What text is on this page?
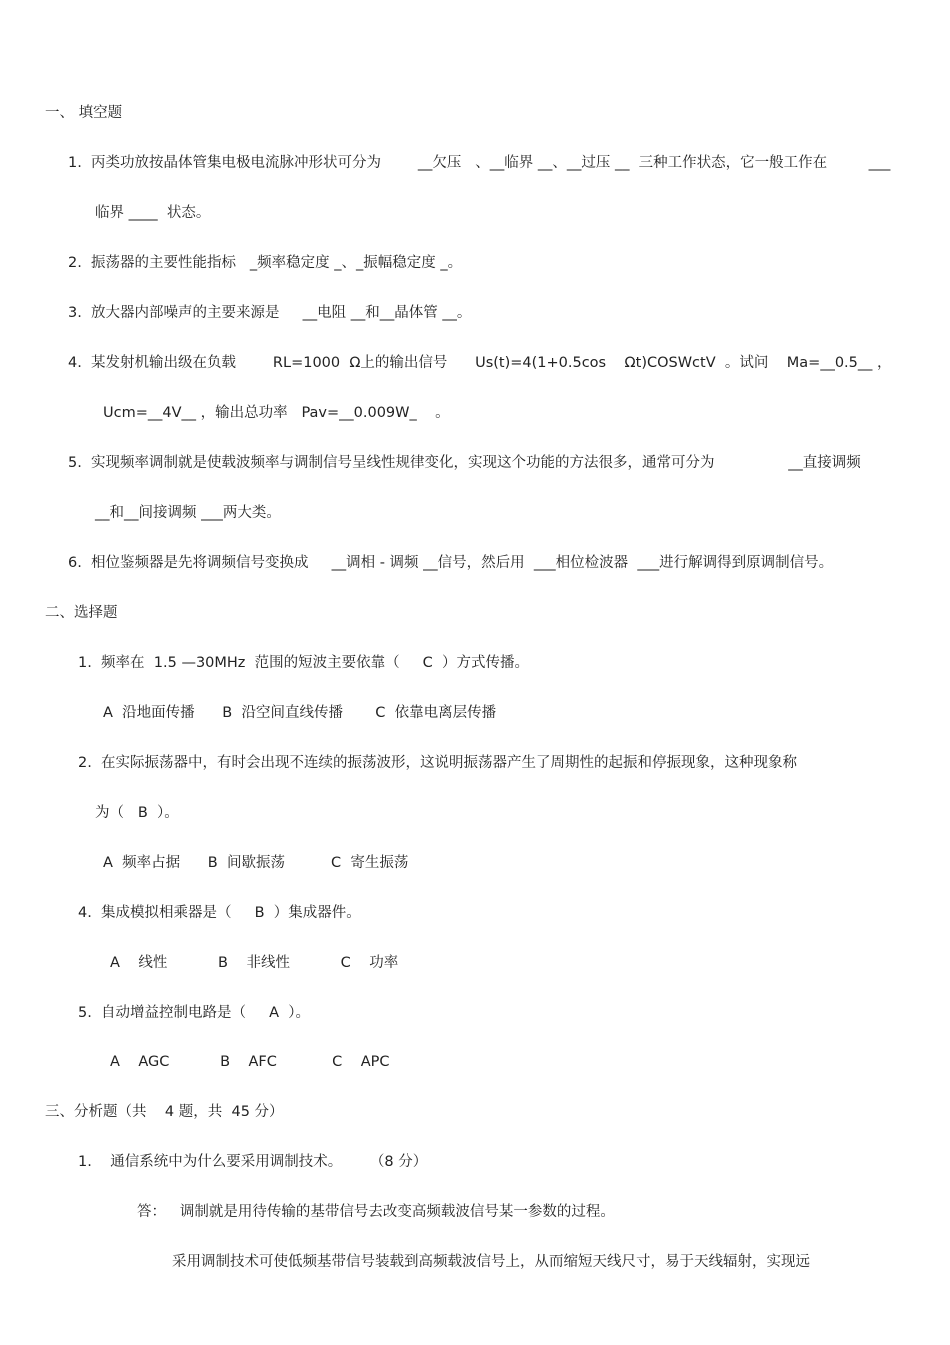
一、 填空题
1.  丙类功放按晶体管集电极电流脉冲形状可分为        __欠压   、__临界 __、__过压 __  三种工作状态，它一般工作在         ___
临界 ____  状态。
2.  振荡器的主要性能指标   _频率稳定度 _、_振幅稳定度 _。
3.  放大器内部噪声的主要来源是     __电阻 __和__晶体管 __。
4.  某发射机输出级在负载        RL=1000  Ω上的输出信号      Us(t)=4(1+0.5cos    Ωt)COSWctV  。试问    Ma=__0.5__ ，
Ucm=__4V__ ，输出总功率   Pav=__0.009W_    。
5.  实现频率调制就是使载波频率与调制信号呈线性规律变化，实现这个功能的方法很多，通常可分为                __直接调频
__和__间接调频 ___两大类。
6.  相位鉴频器是先将调频信号变换成     __调相 - 调频 __信号，然后用  ___相位检波器  ___进行解调得到原调制信号。
二、选择题
1.  频率在  1.5 —30MHz  范围的短波主要依靠（     C  ）方式传播。
A  沿地面传播      B  沿空间直线传播       C  依靠电离层传播
2.  在实际振荡器中，有时会出现不连续的振荡波形，这说明振荡器产生了周期性的起振和停振现象，这种现象称
为（   B  ）。
A  频率占据      B  间歇振荡          C  寄生振荡
4.  集成模拟相乘器是（     B  ）集成器件。
A    线性           B    非线性           C    功率
5.  自动增益控制电路是（     A  ）。
A    AGC           B    AFC            C    APC
三、分析题（共    4 题，共  45 分）
1.    通信系统中为什么要采用调制技术。      （8 分）
答：   调制就是用待传输的基带信号去改变高频载波信号某一参数的过程。
采用调制技术可使低频基带信号装载到高频载波信号上，从而缩短天线尺寸，易于天线辐射，实现远
